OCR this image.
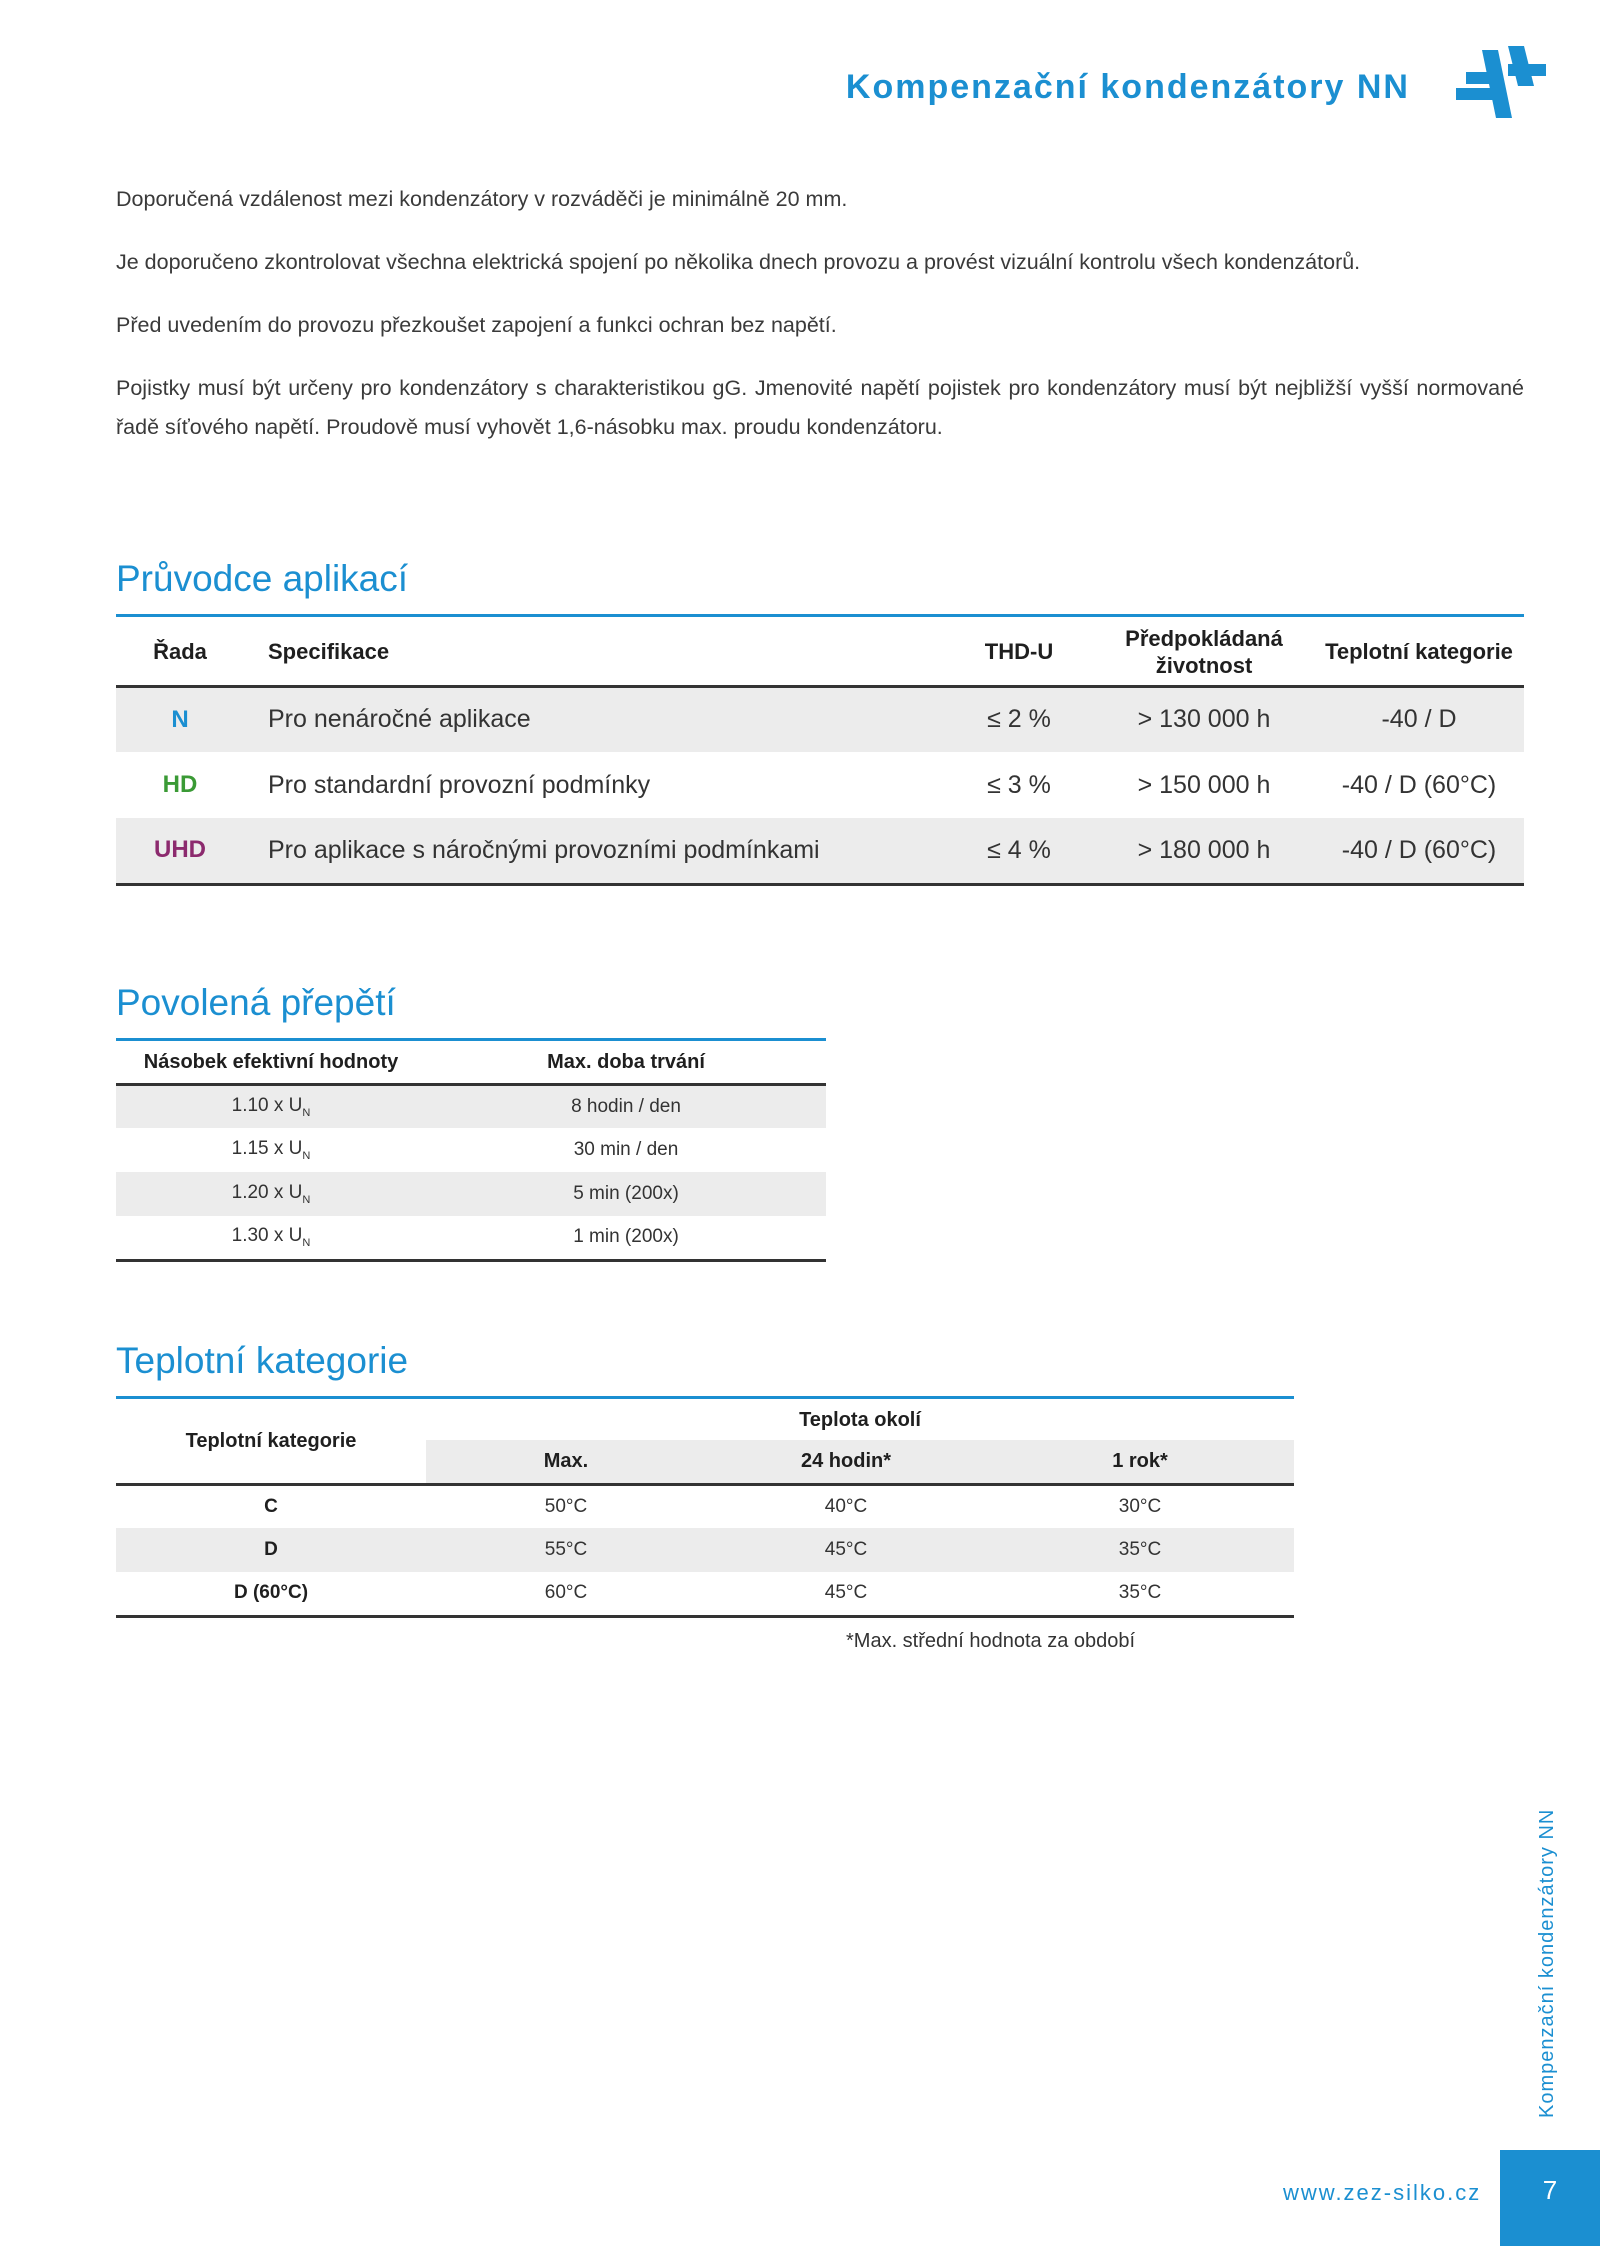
Kompenzační kondenzátory NN

Doporučená vzdálenost mezi kondenzátory v rozváděči je minimálně 20 mm.

Je doporučeno zkontrolovat všechna elektrická spojení po několika dnech provozu a provést vizuální kontrolu všech kondenzátorů.

Před uvedením do provozu přezkoušet zapojení a funkci ochran bez napětí.

Pojistky musí být určeny pro kondenzátory s charakteristikou gG. Jmenovité napětí pojistek pro kondenzátory musí být nejbližší vyšší normované řadě síťového napětí. Proudově musí vyhovět 1,6-násobku max. proudu kondenzátoru.

Průvodce aplikací
Řada	Specifikace	THD-U	Předpokládaná životnost	Teplotní kategorie
N	Pro nenáročné aplikace	≤ 2 %	> 130 000 h	-40 / D
HD	Pro standardní provozní podmínky	≤ 3 %	> 150 000 h	-40 / D (60°C)
UHD	Pro aplikace s náročnými provozními podmínkami	≤ 4 %	> 180 000 h	-40 / D (60°C)
Povolená přepětí
Násobek efektivní hodnoty	Max. doba trvání
1.10 x $U_N$	8 hodin / den
1.15 x $U_N$	30 min / den
1.20 x $U_N$	5 min (200x)
1.30 x $U_N$	1 min (200x)
Teplotní kategorie
Teplotní kategorie	Teplota okolí		
	Max.	24 hodin*	1 rok*
C	50°C	40°C	30°C
D	55°C	45°C	35°C
D (60°C)	60°C	45°C	35°C
*Max. střední hodnota za období
Kompenzační kondenzátory NN
www.zez-silko.cz	7
